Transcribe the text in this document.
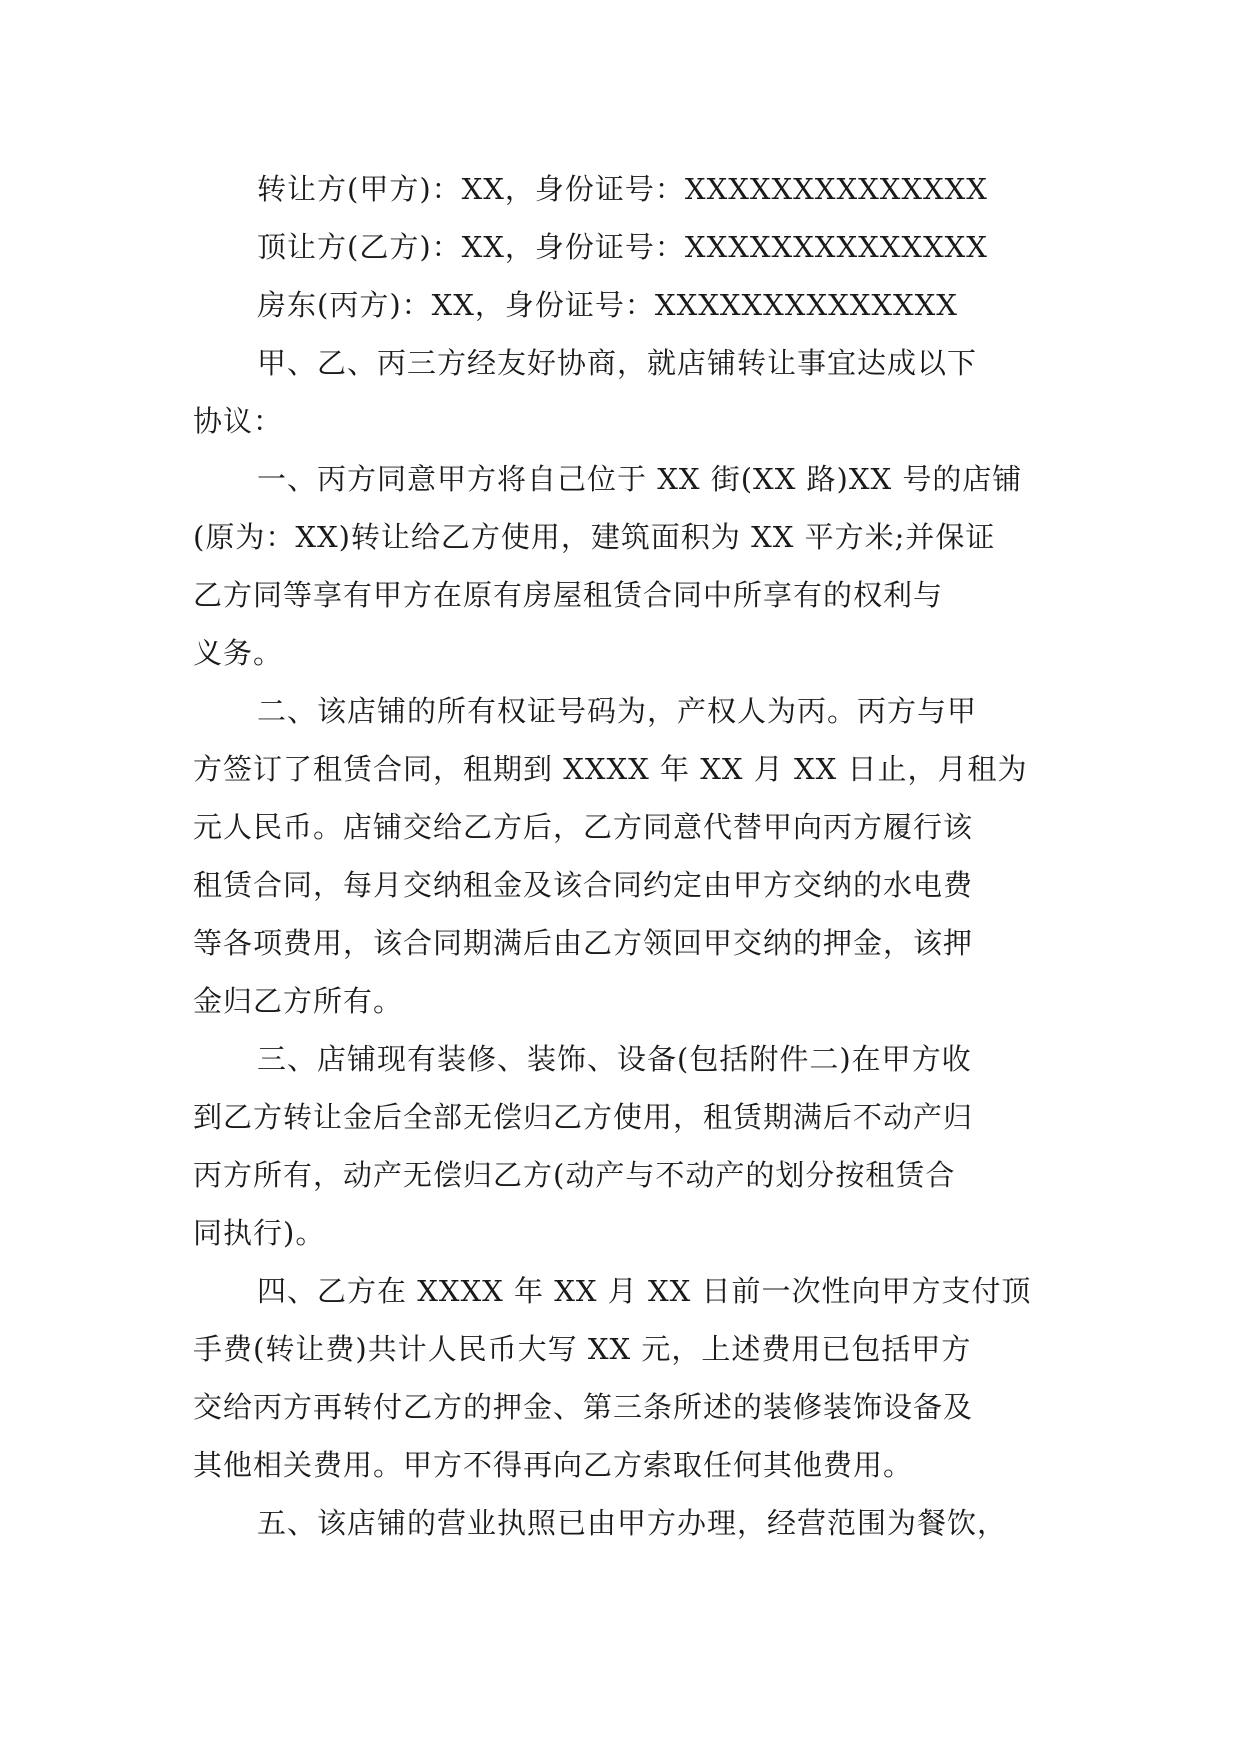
转让方(甲方)：XX，身份证号：XXXXXXXXXXXXXX
顶让方(乙方)：XX，身份证号：XXXXXXXXXXXXXX
房东(丙方)：XX，身份证号：XXXXXXXXXXXXXX
甲、乙、丙三方经友好协商，就店铺转让事宜达成以下
协议：
一、丙方同意甲方将自己位于 XX 街(XX 路)XX 号的店铺
(原为：XX)转让给乙方使用，建筑面积为 XX 平方米;并保证
乙方同等享有甲方在原有房屋租赁合同中所享有的权利与
义务。
二、该店铺的所有权证号码为，产权人为丙。丙方与甲
方签订了租赁合同，租期到 XXXX 年 XX 月 XX 日止，月租为
元人民币。店铺交给乙方后，乙方同意代替甲向丙方履行该
租赁合同，每月交纳租金及该合同约定由甲方交纳的水电费
等各项费用，该合同期满后由乙方领回甲交纳的押金，该押
金归乙方所有。
三、店铺现有装修、装饰、设备(包括附件二)在甲方收
到乙方转让金后全部无偿归乙方使用，租赁期满后不动产归
丙方所有，动产无偿归乙方(动产与不动产的划分按租赁合
同执行)。
四、乙方在 XXXX 年 XX 月 XX 日前一次性向甲方支付顶
手费(转让费)共计人民币大写 XX 元，上述费用已包括甲方
交给丙方再转付乙方的押金、第三条所述的装修装饰设备及
其他相关费用。甲方不得再向乙方索取任何其他费用。
五、该店铺的营业执照已由甲方办理，经营范围为餐饮，
